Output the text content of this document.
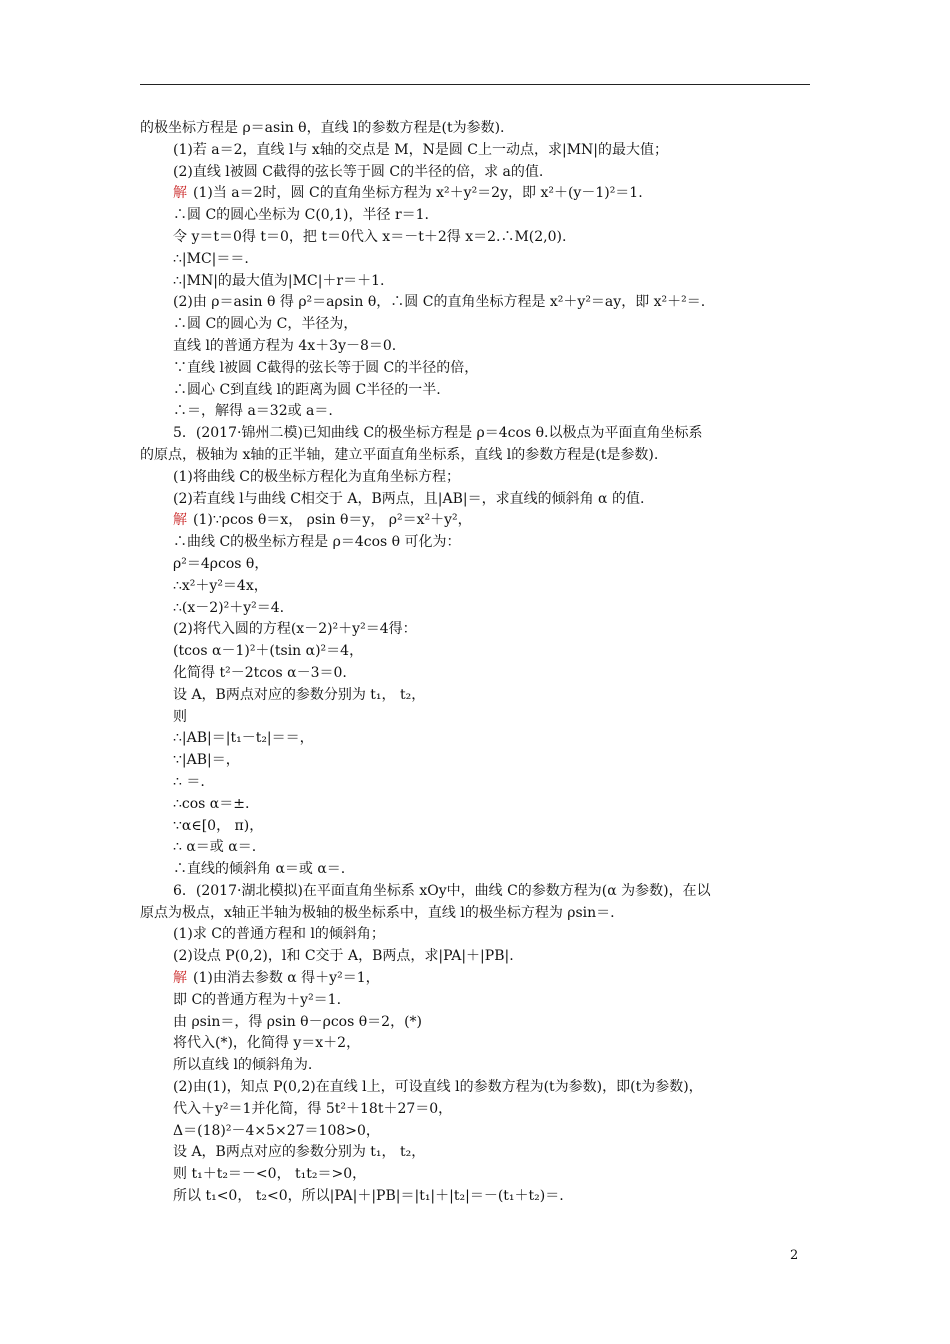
的极坐标方程是 ρ＝asin θ，直线 l的参数方程是(t为参数).
(1)若 a＝2，直线 l与 x轴的交点是 M，N是圆 C上一动点，求|MN|的最大值；
(2)直线 l被圆 C截得的弦长等于圆 C的半径的倍，求 a的值.
解 (1)当 a＝2时，圆 C的直角坐标方程为 x²＋y²＝2y，即 x²＋(y－1)²＝1.
∴圆 C的圆心坐标为 C(0,1)，半径 r＝1.
令 y＝t＝0得 t＝0，把 t＝0代入 x＝－t＋2得 x＝2.∴M(2,0).
∴|MC|＝＝.
∴|MN|的最大值为|MC|＋r＝＋1.
(2)由 ρ＝asin θ 得 ρ²＝aρsin θ，∴圆 C的直角坐标方程是 x²＋y²＝ay，即 x²＋²＝.
∴圆 C的圆心为 C，半径为，
直线 l的普通方程为 4x＋3y－8＝0.
∵直线 l被圆 C截得的弦长等于圆 C的半径的倍，
∴圆心 C到直线 l的距离为圆 C半径的一半.
∴＝，解得 a＝32或 a＝.
5．(2017·锦州二模)已知曲线 C的极坐标方程是 ρ＝4cos θ.以极点为平面直角坐标系
的原点，极轴为 x轴的正半轴，建立平面直角坐标系，直线 l的参数方程是(t是参数).
(1)将曲线 C的极坐标方程化为直角坐标方程；
(2)若直线 l与曲线 C相交于 A，B两点，且|AB|＝，求直线的倾斜角 α 的值.
解 (1)∵ρcos θ＝x， ρsin θ＝y， ρ²＝x²＋y²，
∴曲线 C的极坐标方程是 ρ＝4cos θ 可化为：
ρ²＝4ρcos θ，
∴x²＋y²＝4x，
∴(x－2)²＋y²＝4.
(2)将代入圆的方程(x－2)²＋y²＝4得：
(tcos α－1)²＋(tsin α)²＝4，
化简得 t²－2tcos α－3＝0.
设 A，B两点对应的参数分别为 t₁， t₂，
则
∴|AB|＝|t₁－t₂|＝＝，
∵|AB|＝，
∴ ＝.
∴cos α＝±.
∵α∈[0， π)，
∴ α＝或 α＝.
∴直线的倾斜角 α＝或 α＝.
6．(2017·湖北模拟)在平面直角坐标系 xOy中，曲线 C的参数方程为(α 为参数)，在以
原点为极点，x轴正半轴为极轴的极坐标系中，直线 l的极坐标方程为 ρsin＝.
(1)求 C的普通方程和 l的倾斜角；
(2)设点 P(0,2)，l和 C交于 A，B两点，求|PA|＋|PB|.
解 (1)由消去参数 α 得＋y²＝1，
即 C的普通方程为＋y²＝1.
由 ρsin＝，得 ρsin θ－ρcos θ＝2，(*)
将代入(*)，化简得 y＝x＋2，
所以直线 l的倾斜角为.
(2)由(1)，知点 P(0,2)在直线 l上，可设直线 l的参数方程为(t为参数)，即(t为参数)，
代入＋y²＝1并化简，得 5t²＋18t＋27＝0，
Δ＝(18)²－4×5×27＝108>0，
设 A，B两点对应的参数分别为 t₁， t₂，
则 t₁＋t₂＝－<0， t₁t₂＝>0，
所以 t₁<0， t₂<0，所以|PA|＋|PB|＝|t₁|＋|t₂|＝－(t₁＋t₂)＝.
2
